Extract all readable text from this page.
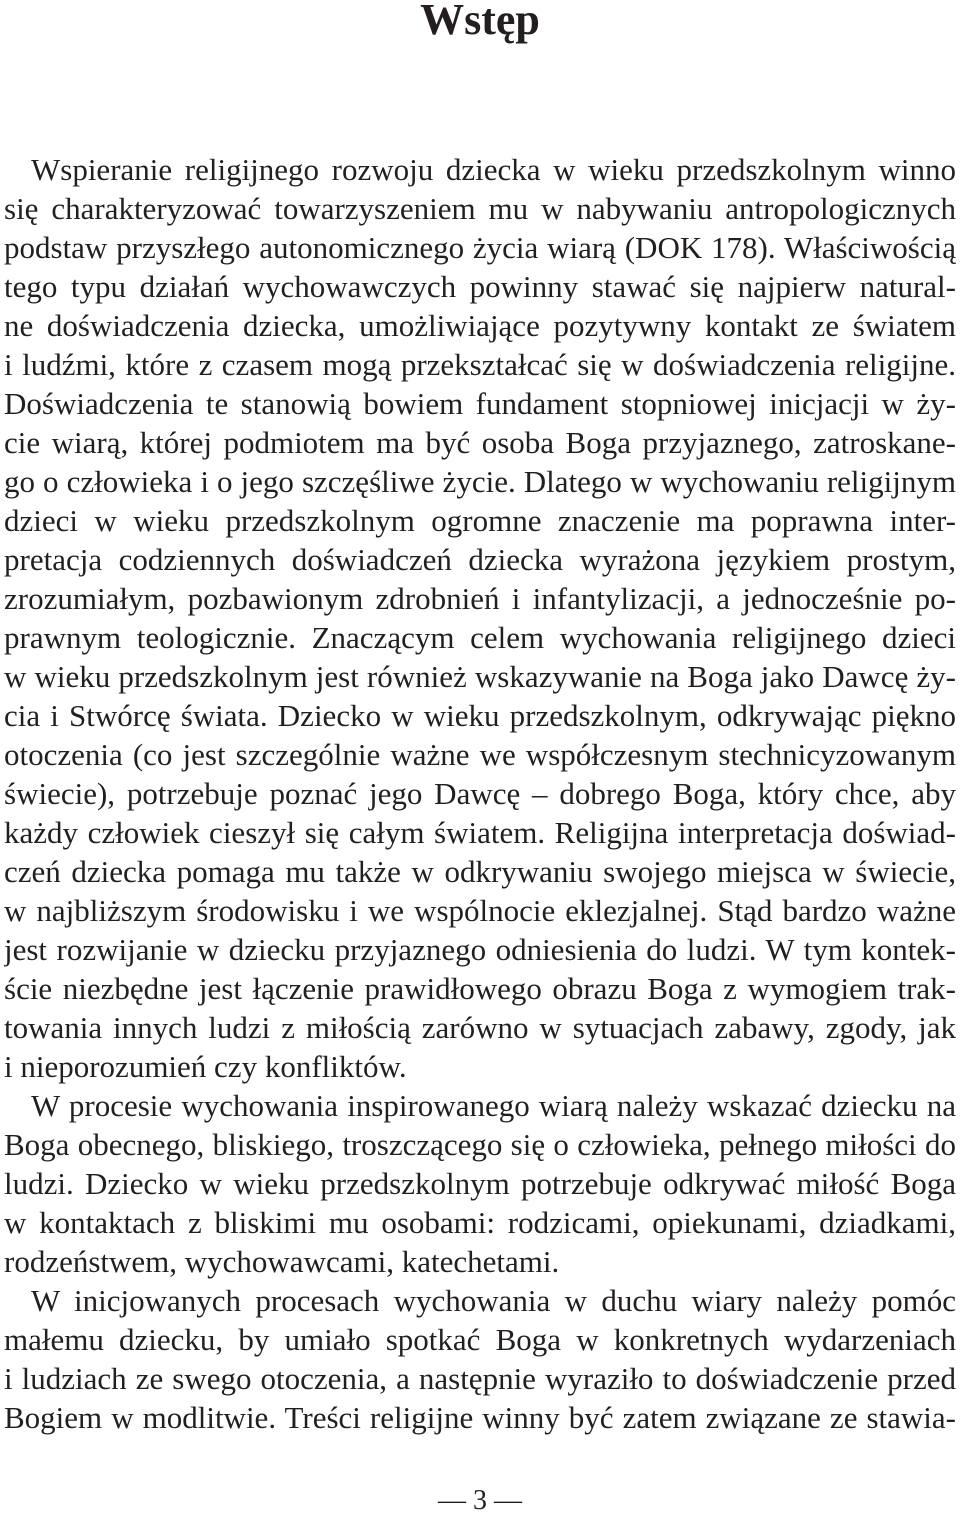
Wstęp
Wspieranie religijnego rozwoju dziecka w wieku przedszkolnym winno
się charakteryzować towarzyszeniem mu w nabywaniu antropologicznych
podstaw przyszłego autonomicznego życia wiarą (DOK 178). Właściwością
tego typu działań wychowawczych powinny stawać się najpierw natural-
ne doświadczenia dziecka, umożliwiające pozytywny kontakt ze światem
i ludźmi, które z czasem mogą przekształcać się w doświadczenia religijne.
Doświadczenia te stanowią bowiem fundament stopniowej inicjacji w ży-
cie wiarą, której podmiotem ma być osoba Boga przyjaznego, zatroskane-
go o człowieka i o jego szczęśliwe życie. Dlatego w wychowaniu religijnym
dzieci w wieku przedszkolnym ogromne znaczenie ma poprawna inter-
pretacja codziennych doświadczeń dziecka wyrażona językiem prostym,
zrozumiałym, pozbawionym zdrobnień i infantylizacji, a jednocześnie po-
prawnym teologicznie. Znaczącym celem wychowania religijnego dzieci
w wieku przedszkolnym jest również wskazywanie na Boga jako Dawcę ży-
cia i Stwórcę świata. Dziecko w wieku przedszkolnym, odkrywając piękno
otoczenia (co jest szczególnie ważne we współczesnym stechnicyzowanym
świecie), potrzebuje poznać jego Dawcę – dobrego Boga, który chce, aby
każdy człowiek cieszył się całym światem. Religijna interpretacja doświad-
czeń dziecka pomaga mu także w odkrywaniu swojego miejsca w świecie,
w najbliższym środowisku i we wspólnocie eklezjalnej. Stąd bardzo ważne
jest rozwijanie w dziecku przyjaznego odniesienia do ludzi. W tym kontek-
ście niezbędne jest łączenie prawidłowego obrazu Boga z wymogiem trak-
towania innych ludzi z miłością zarówno w sytuacjach zabawy, zgody, jak
i nieporozumień czy konfliktów.
W procesie wychowania inspirowanego wiarą należy wskazać dziecku na
Boga obecnego, bliskiego, troszczącego się o człowieka, pełnego miłości do
ludzi. Dziecko w wieku przedszkolnym potrzebuje odkrywać miłość Boga
w kontaktach z bliskimi mu osobami: rodzicami, opiekunami, dziadkami,
rodzeństwem, wychowawcami, katechetami.
W inicjowanych procesach wychowania w duchu wiary należy pomóc
małemu dziecku, by umiało spotkać Boga w konkretnych wydarzeniach
i ludziach ze swego otoczenia, a następnie wyraziło to doświadczenie przed
Bogiem w modlitwie. Treści religijne winny być zatem związane ze stawia-
— 3 —
